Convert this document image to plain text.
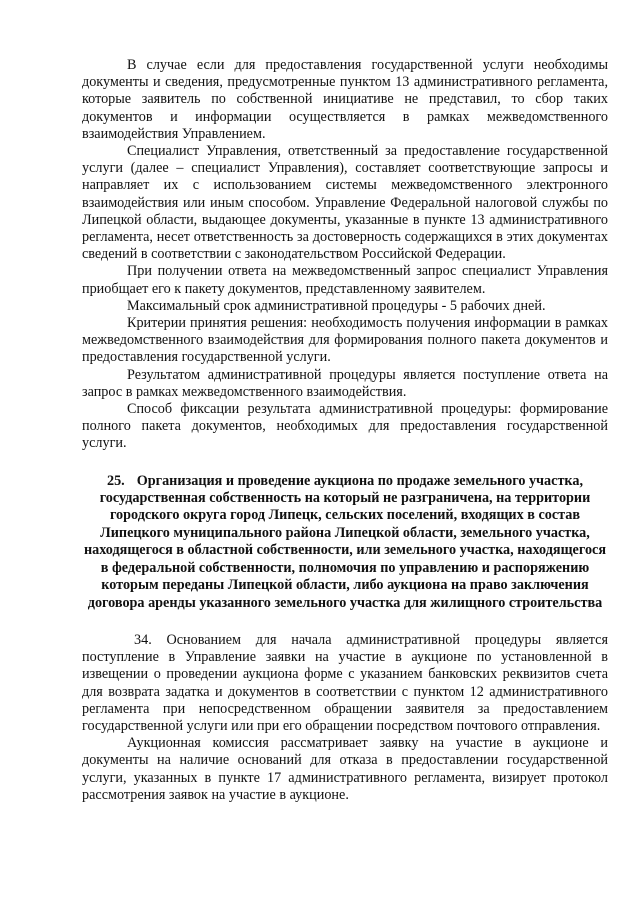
В случае если для предоставления государственной услуги необходимы документы и сведения, предусмотренные пунктом 13 административного регламента, которые заявитель по собственной инициативе не представил, то сбор таких документов и информации осуществляется в рамках межведомственного взаимодействия Управлением.

Специалист Управления, ответственный за предоставление государственной услуги (далее – специалист Управления), составляет соответствующие запросы и направляет их с использованием системы межведомственного электронного взаимодействия или иным способом. Управление Федеральной налоговой службы по Липецкой области, выдающее документы, указанные в пункте 13 административного регламента, несет ответственность за достоверность содержащихся в этих документах сведений в соответствии с законодательством Российской Федерации.

При получении ответа на межведомственный запрос специалист Управления приобщает его к пакету документов, представленному заявителем.

Максимальный срок административной процедуры - 5 рабочих дней.

Критерии принятия решения: необходимость получения информации в рамках межведомственного взаимодействия для формирования полного пакета документов и предоставления государственной услуги.

Результатом административной процедуры является поступление ответа на запрос в рамках межведомственного взаимодействия.

Способ фиксации результата административной процедуры: формирование полного пакета документов, необходимых для предоставления государственной услуги.

25. Организация и проведение аукциона по продаже земельного участка, государственная собственность на который не разграничена, на территории городского округа город Липецк, сельских поселений, входящих в состав Липецкого муниципального района Липецкой области, земельного участка, находящегося в областной собственности, или земельного участка, находящегося в федеральной собственности, полномочия по управлению и распоряжению которым переданы Липецкой области, либо аукциона на право заключения договора аренды указанного земельного участка для жилищного строительства

34. Основанием для начала административной процедуры является поступление в Управление заявки на участие в аукционе по установленной в извещении о проведении аукциона форме с указанием банковских реквизитов счета для возврата задатка и документов в соответствии с пунктом 12 административного регламента при непосредственном обращении заявителя за предоставлением государственной услуги или при его обращении посредством почтового отправления.

Аукционная комиссия рассматривает заявку на участие в аукционе и документы на наличие оснований для отказа в предоставлении государственной услуги, указанных в пункте 17 административного регламента, визирует протокол рассмотрения заявок на участие в аукционе.
